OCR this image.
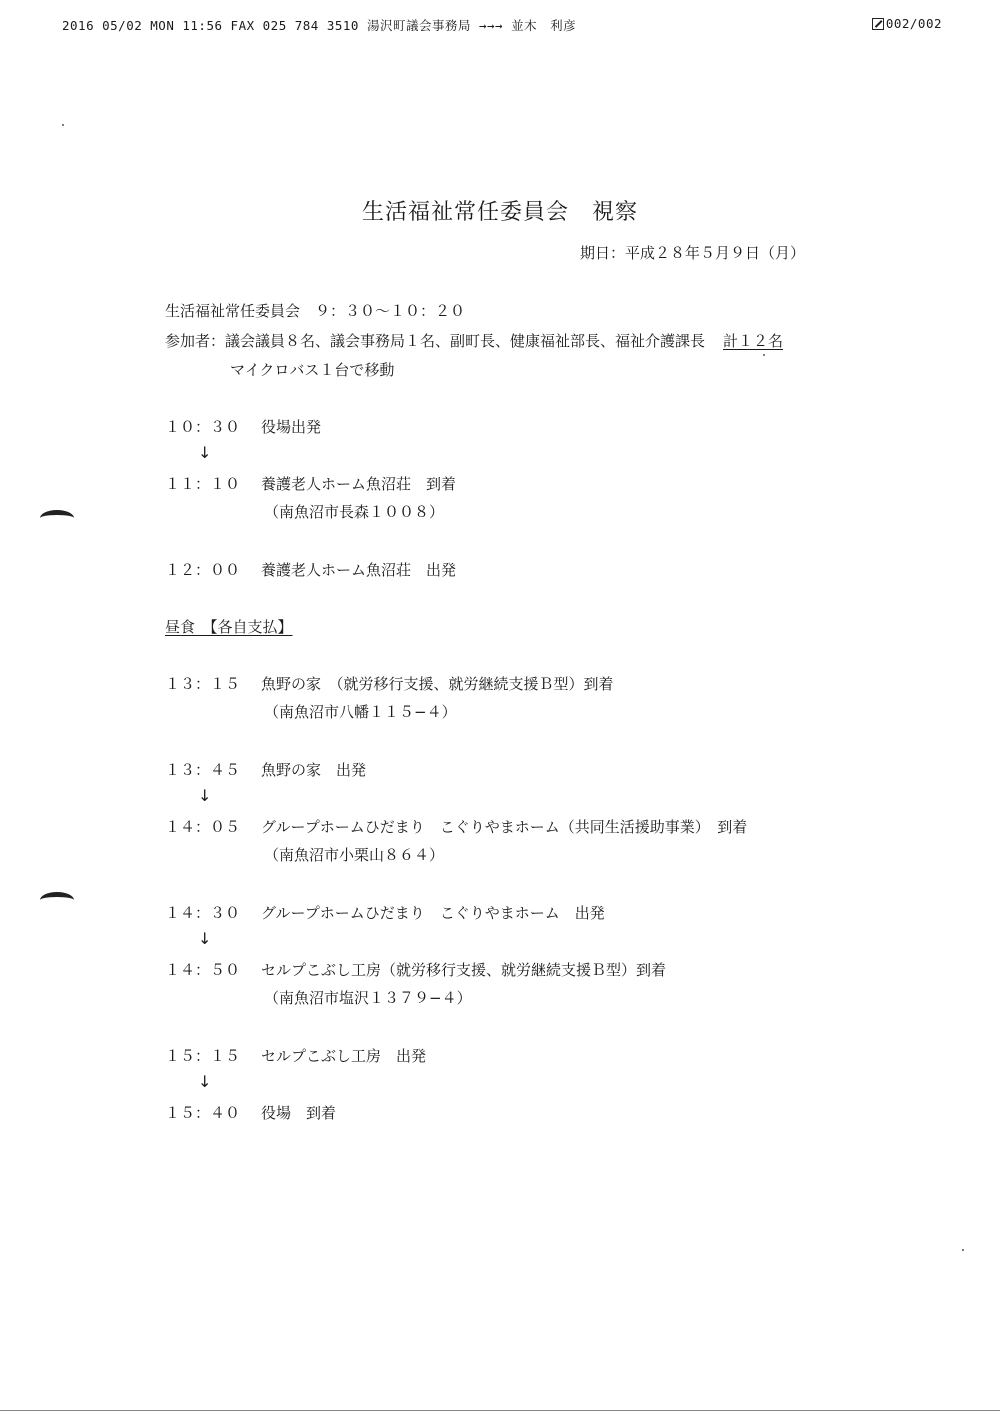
2016 05/02 MON 11:56 FAX 025 784 3510 湯沢町議会事務局 →→→ 並木　利彦	002/002
生活福祉常任委員会　視察
期日：平成２８年５月９日（月）
生活福祉常任委員会　９：３０〜１０：２０
参加者：議会議員８名、議会事務局１名、副町長、健康福祉部長、福祉介護課長 計１２名
マイクロバス１台で移動
１０：３０ 役場出発
↓
１１：１０ 養護老人ホーム魚沼荘　到着
（南魚沼市長森１００８）
１２：００ 養護老人ホーム魚沼荘　出発
昼食　【各自支払】
１３：１５ 魚野の家　（就労移行支援、就労継続支援Ｂ型）到着
（南魚沼市八幡１１５−４）
１３：４５ 魚野の家　出発
↓
１４：０５ グループホームひだまり　こぐりやまホーム（共同生活援助事業）　到着
（南魚沼市小栗山８６４）
１４：３０ グループホームひだまり　こぐりやまホーム　出発
↓
１４：５０ セルプこぶし工房（就労移行支援、就労継続支援Ｂ型）到着
（南魚沼市塩沢１３７９−４）
１５：１５ セルプこぶし工房　出発
↓
１５：４０ 役場　到着
